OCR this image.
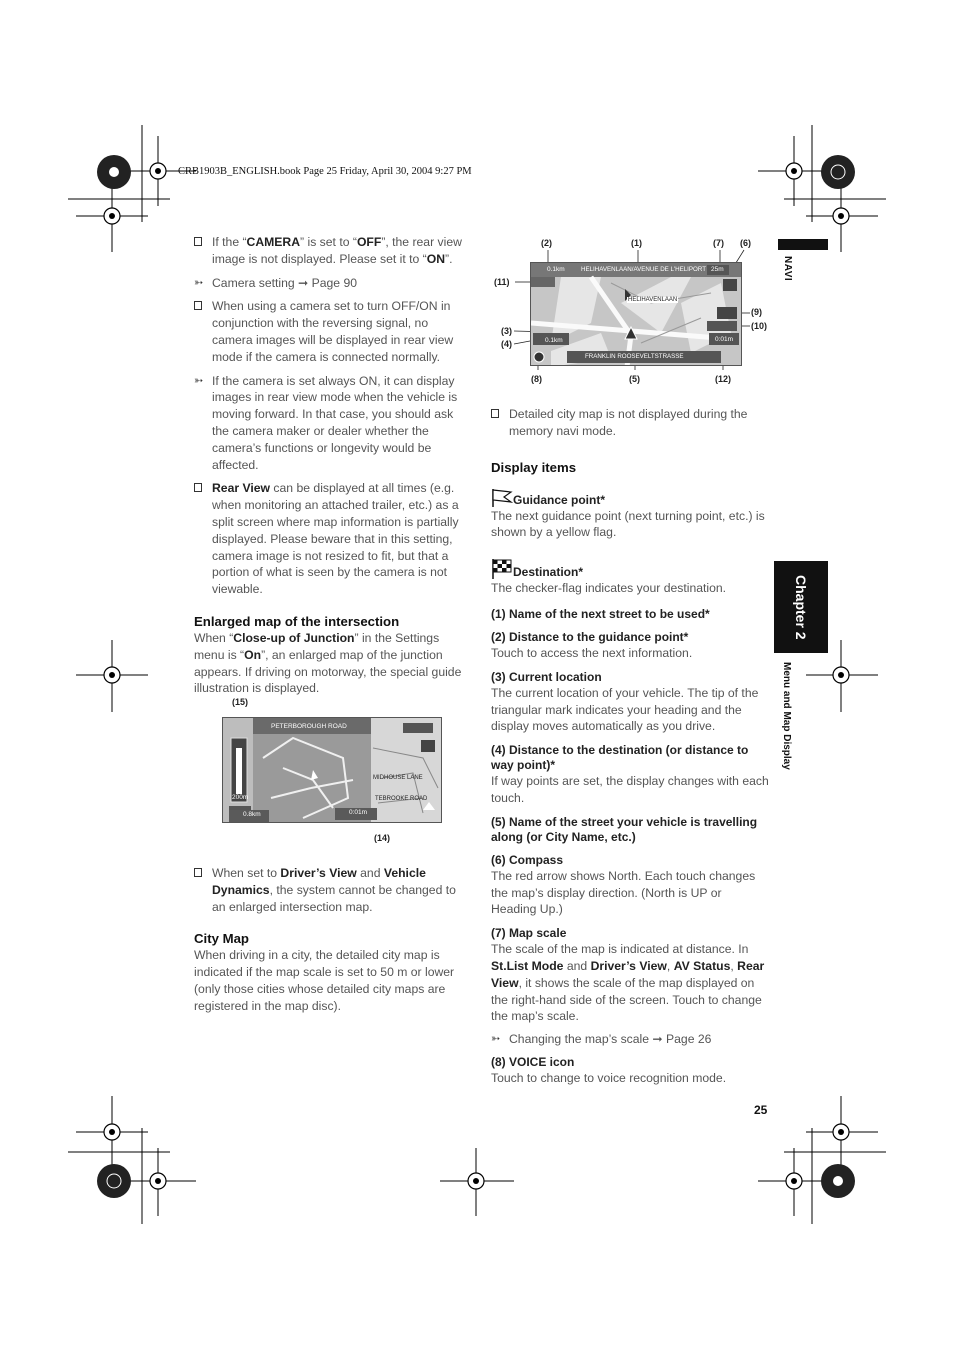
CRB1903B_ENGLISH.book Page 25 Friday, April 30, 2004 9:27 PM
NAVI
Chapter 2
Menu and Map Display
If the “CAMERA” is set to “OFF”, the rear view image is not displayed. Please set it to “ON”.
➳ Camera setting ➞ Page 90
When using a camera set to turn OFF/ON in conjunction with the reversing signal, no camera images will be displayed in rear view mode if the camera is connected normally.
➳ If the camera is set always ON, it can display images in rear view mode when the vehicle is moving forward. In that case, you should ask the camera maker or dealer whether the camera’s functions or longevity would be affected.
Rear View can be displayed at all times (e.g. when monitoring an attached trailer, etc.) as a split screen where map information is partially displayed. Please beware that in this setting, camera image is not resized to fit, but that a portion of what is seen by the camera is not viewable.
Enlarged map of the intersection
When “Close-up of Junction” in the Settings menu is “On”, an enlarged map of the junction appears. If driving on motorway, the special guide illustration is displayed.
(15)
PETERBOROUGH ROAD
200m
0.8km	0:01m
MIDHOUSE LANE
TEBROOKE ROAD
(14)
When set to Driver’s View and Vehicle Dynamics, the system cannot be changed to an enlarged intersection map.
City Map
When driving in a city, the detailed city map is indicated if the map scale is set to 50 m or lower (only those cities whose detailed city maps are registered in the map disc).
(2)	(1)	(7) (6)
(11)
(9)
(10)
(3)
(4)
(8)	(5)	(12)
0.1km	HELIHAVENLAAN/AVENUE DE L'HELIPORT 25m
HELIHAVENLAAN
0.1km
FRANKLIN ROOSEVELTSTRASSE
0:01m
Detailed city map is not displayed during the memory navi mode.
Display items
Guidance point*
The next guidance point (next turning point, etc.) is shown by a yellow flag.
Destination*
The checker-flag indicates your destination.
(1) Name of the next street to be used*
(2) Distance to the guidance point*
Touch to access the next information.
(3) Current location
The current location of your vehicle. The tip of the triangular mark indicates your heading and the display moves automatically as you drive.
(4) Distance to the destination (or distance to way point)*
If way points are set, the display changes with each touch.
(5) Name of the street your vehicle is travelling along (or City Name, etc.)
(6) Compass
The red arrow shows North. Each touch changes the map’s display direction. (North is UP or Heading Up.)
(7) Map scale
The scale of the map is indicated at distance. In St.List Mode and Driver’s View, AV Status, Rear View, it shows the scale of the map displayed on the right-hand side of the screen. Touch to change the map’s scale.
➳ Changing the map’s scale ➞ Page 26
(8) VOICE icon
Touch to change to voice recognition mode.
25
